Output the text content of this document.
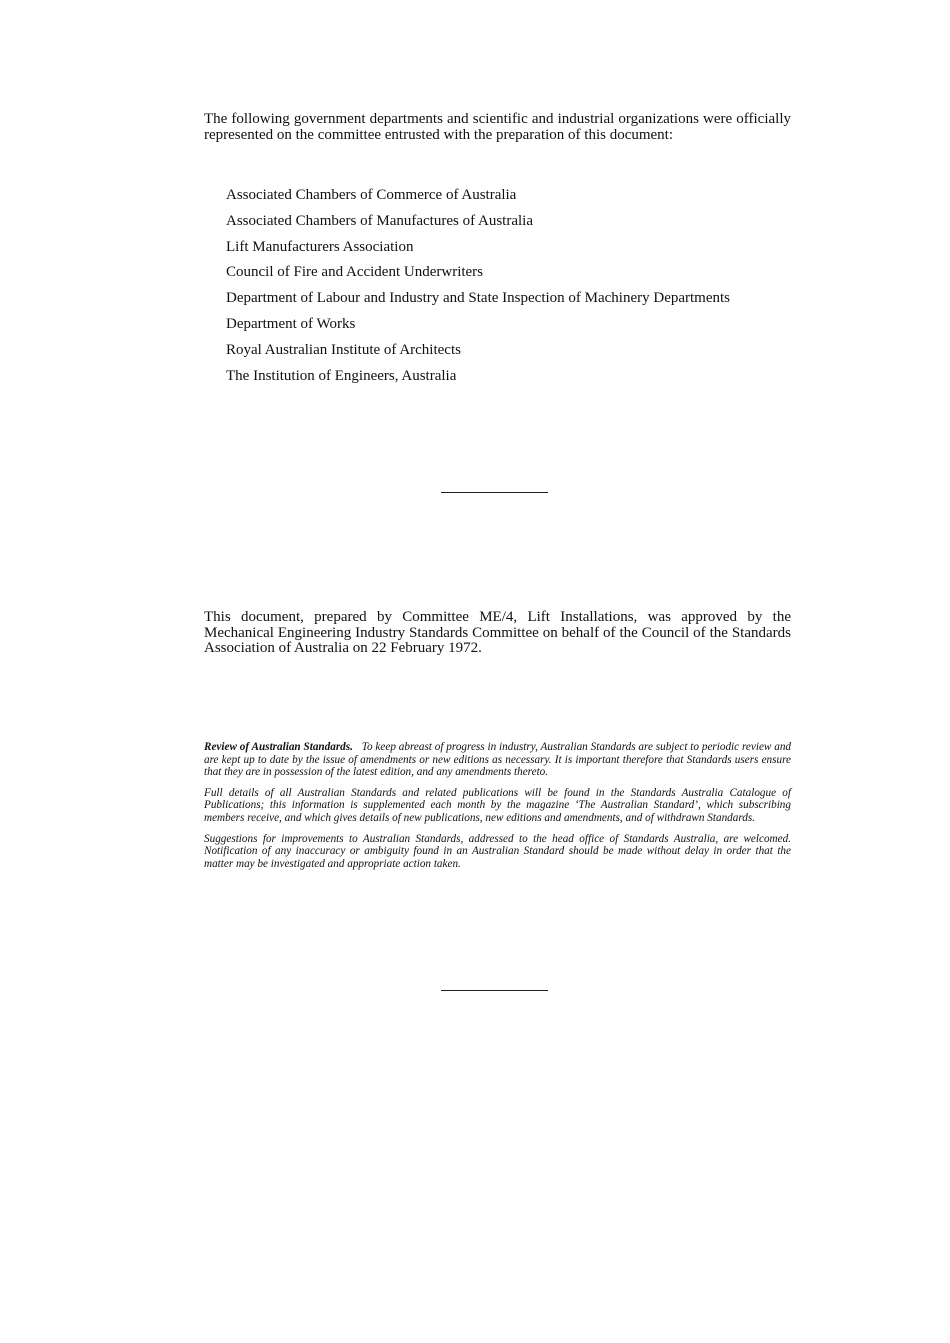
The following government departments and scientific and industrial organizations were officially represented on the committee entrusted with the preparation of this document:

Associated Chambers of Commerce of Australia
Associated Chambers of Manufactures of Australia
Lift Manufacturers Association
Council of Fire and Accident Underwriters
Department of Labour and Industry and State Inspection of Machinery Departments
Department of Works
Royal Australian Institute of Architects
The Institution of Engineers, Australia

This document, prepared by Committee ME/4, Lift Installations, was approved by the Mechanical Engineering Industry Standards Committee on behalf of the Council of the Standards Association of Australia on 22 February 1972.

Review of Australian Standards. To keep abreast of progress in industry, Australian Standards are subject to periodic review and are kept up to date by the issue of amendments or new editions as necessary. It is important therefore that Standards users ensure that they are in possession of the latest edition, and any amendments thereto.

Full details of all Australian Standards and related publications will be found in the Standards Australia Catalogue of Publications; this information is supplemented each month by the magazine ‘The Australian Standard’, which subscribing members receive, and which gives details of new publications, new editions and amendments, and of withdrawn Standards.

Suggestions for improvements to Australian Standards, addressed to the head office of Standards Australia, are welcomed. Notification of any inaccuracy or ambiguity found in an Australian Standard should be made without delay in order that the matter may be investigated and appropriate action taken.
